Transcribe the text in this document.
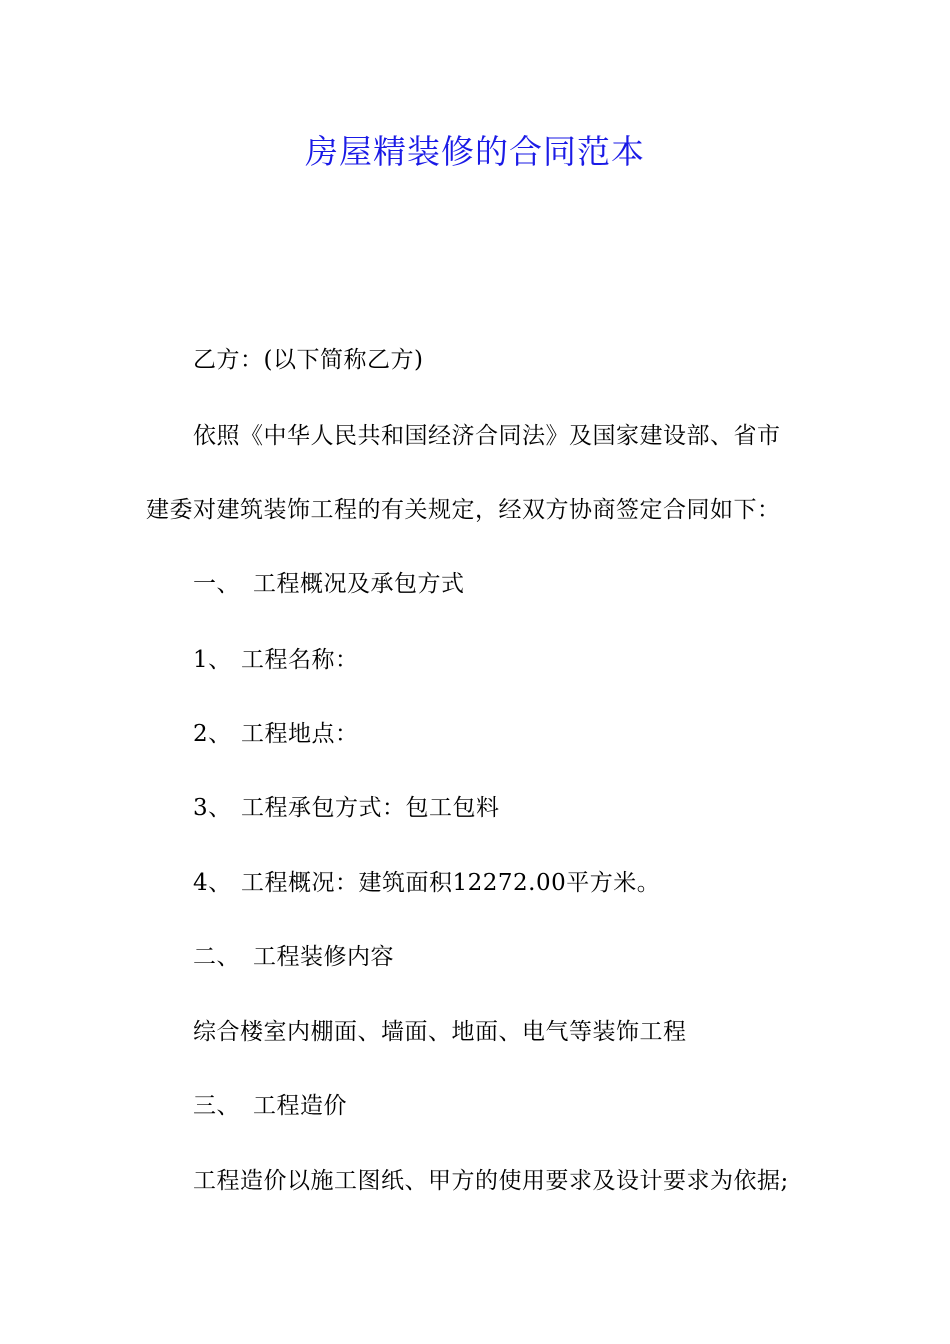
房屋精装修的合同范本
乙方：(以下简称乙方)
依照《中华人民共和国经济合同法》及国家建设部、省市
建委对建筑装饰工程的有关规定，经双方协商签定合同如下：
一、 工程概况及承包方式
1、 工程名称：
2、 工程地点：
3、 工程承包方式：包工包料
4、 工程概况：建筑面积12272.00平方米。
二、 工程装修内容
综合楼室内棚面、墙面、地面、电气等装饰工程
三、 工程造价
工程造价以施工图纸、甲方的使用要求及设计要求为依据;
